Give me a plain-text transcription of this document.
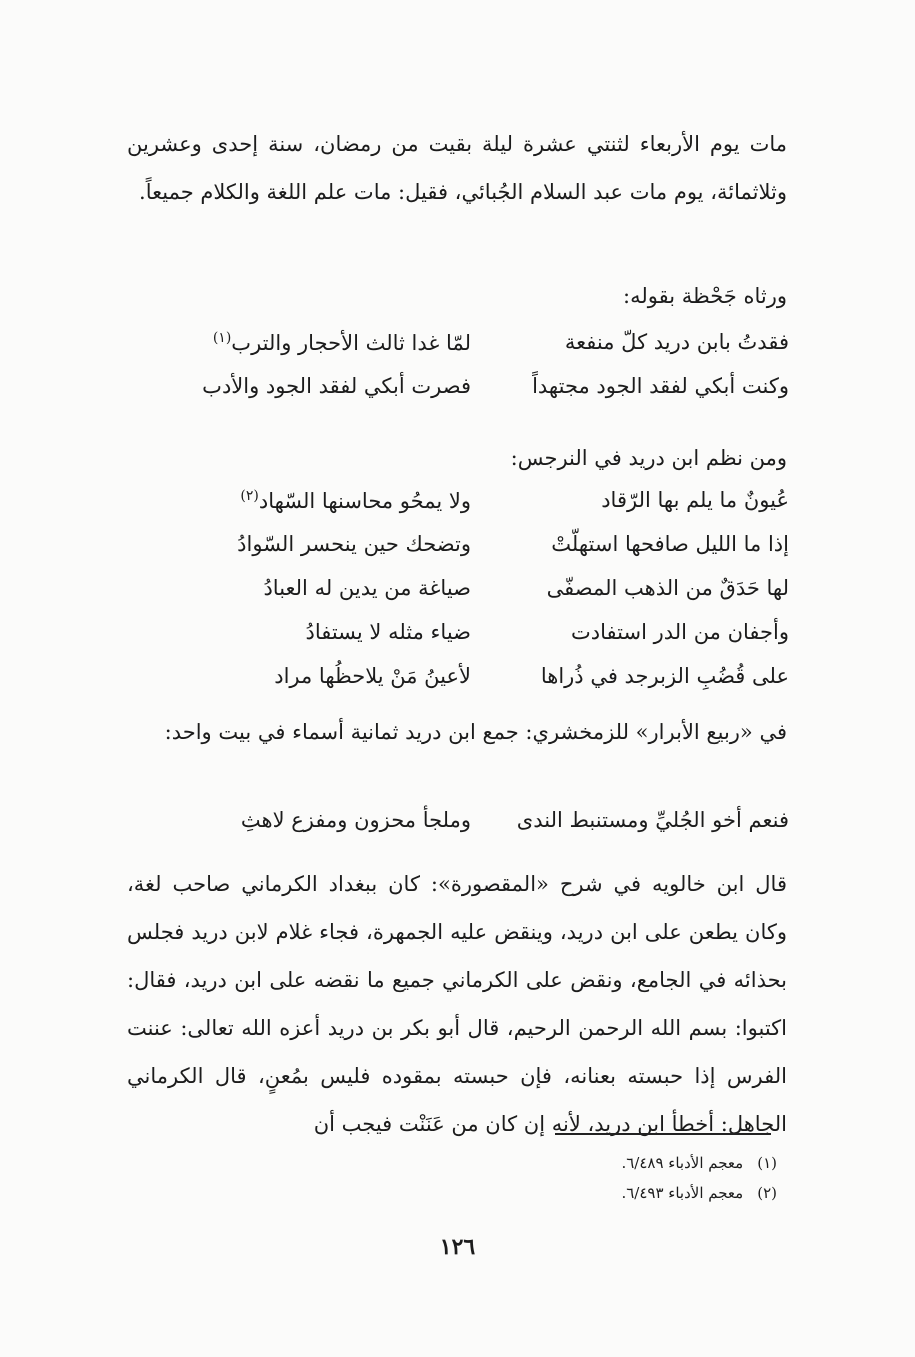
مات يوم الأربعاء لثنتي عشرة ليلة بقيت من رمضان، سنة إحدى وعشرين وثلاثمائة، يوم مات عبد السلام الجُبائي، فقيل: مات علم اللغة والكلام جميعاً.

ورثاه جَحْظة بقوله:

فقدتُ بابن دريد كلّ منفعة
لمّا غدا ثالث الأحجار والترب$^{(١)}$
وكنت أبكي لفقد الجود مجتهداً
فصرت أبكي لفقد الجود والأدب

ومن نظم ابن دريد في النرجس:

عُيونٌ ما يلم بها الرّقاد
ولا يمحُو محاسنها السّهاد$^{(٢)}$
إذا ما الليل صافحها استهلّتْ
وتضحك حين ينحسر السّوادُ
لها حَدَقٌ من الذهب المصفّى
صياغة من يدين له العبادُ
وأجفان من الدر استفادت
ضياء مثله لا يستفادُ
على قُضُبِ الزبرجد في ذُراها
لأعينُ مَنْ يلاحظُها مراد

في «ربيع الأبرار» للزمخشري: جمع ابن دريد ثمانية أسماء في بيت واحد:

فنعم أخو الجُليِّ ومستنبط الندى
وملجأ محزون ومفزع لاهثِ

قال ابن خالويه في شرح «المقصورة»: كان ببغداد الكرماني صاحب لغة، وكان يطعن على ابن دريد، وينقض عليه الجمهرة، فجاء غلام لابن دريد فجلس بحذائه في الجامع، ونقض على الكرماني جميع ما نقضه على ابن دريد، فقال: اكتبوا: بسم الله الرحمن الرحيم، قال أبو بكر بن دريد أعزه الله تعالى: عننت الفرس إذا حبسته بعنانه، فإن حبسته بمقوده فليس بمُعنٍ، قال الكرماني الجاهل: أخطأ ابن دريد، لأنه إن كان من عَنَنْت فيجب أن

(١)معجم الأدباء ٦/٤٨٩.
(٢)معجم الأدباء ٦/٤٩٣.
١٢٦
